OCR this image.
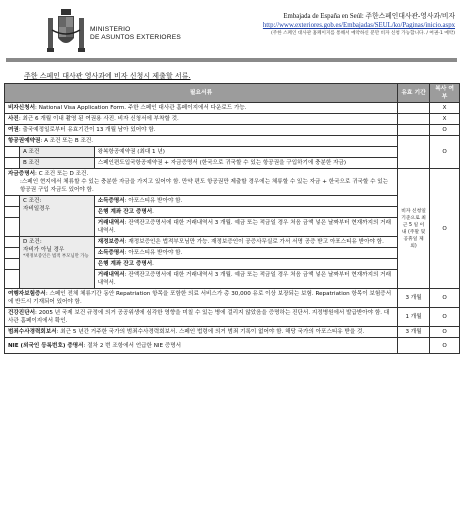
MINISTERIO
DE ASUNTOS EXTERIORES
Embajada de España en Seúl: 주한스페인대사관-영사과/비자
http://www.exteriores.gob.es/Embajadas/SEUL/ko/Paginas/inicio.aspx
(주한 스페인 대사관 홈페이지를 통해서 예약하신 분만 비자 신청 가능합니다. / 여권-1 예약)
주한 스페인 대사관 영사과에 비자 신청시 제출할 서류.
필요서류			유효 기간	복사 여부
비자신청서: National Visa Application Form. 주한 스페인 대사관 홈페이지에서 다운로드 가능.				X
사진: 최근 6 개월 이내 촬영 된 여권용 사진. 비자 신청서에 부착할 것.				X
여권: 출국예정일로부터 유효기간이 13 개월 남아 있어야 함.				O
항공권예약권: A 조건 또는 B 조건.				O
	A 조건	왕복항공예약권 (최대 1 년)		
	B 조건	스페인편도입국항공예약권 + 자금증명서 (한국으로 귀국할 수 있는 항공권을 구입하기에 충분한 자금)		

자금증명서: C 조건 또는 D 조건.
:스페인 현지에서 체류할 수 있는 충분한 자금을 가지고 있어야 함. 만약 편도 항공권만 제출할 경우에는 체류할 수 있는 자금 + 한국으로 귀국할 수 있는 항공권 구입 자금도 있어야 함.			비자 신청일 기준으로 최근 5 일 이내 (주말 및 공휴일 제외)	O

	C 조건:
자비일경우	소득증명서: 아포스티유 받아야 함.		
		은행 계좌 잔고 증명서.		
		거래내역서: 잔액잔고증명서에 대한 거래내역서 3 개월. 예금 또는 적금일 경우 처음 금액 넣은 날짜부터 현재까지의 거래내역서.		

	D 조건:
자비가 아닐 경우
*재정보증인은 법적 부모님만 가능	재정보증서: 재정보증인은 법적부모님만 가능. 재정보증인이 공증사무실로 가서 서명 공증 받고 아포스티유 받아야 함.		
		소득증명서: 아포스티유 받아야 함.		
		은행 계좌 잔고 증명서.		
		거래내역서: 잔액잔고증명서에 대한 거래내역서 3 개월. 예금 또는 적금일 경우 처음 금액 넣은 날짜부터 현재까지의 거래내역서.		
여행자보험증서: 스페인 전체 체류기간 동안 Repatriation 항목을 포함한 의료 서비스가 총 30,000 유로 이상 보장되는 보험. Repatriation 항목이 보험증서에 반드시 기재되어 있어야 함.			3 개월	O
건강진단서: 2005 년 국제 보건 규정에 의거 공공위생에 심각한 영향을 미칠 수 있는 병에 걸리지 않았음을 증명하는 진단서. 지정병원에서 발급받아야 함. 대사관 홈페이지에서 확인.			1 개월	O
범죄수사경력회보서: 최근 5 년간 거주한 국가의 범죄수사경력회보서. 스페인 법령에 의거 범죄 기록이 없어야 함. 해당 국가의 아포스티유 받을 것.			3 개월	O
NIE (외국인 등록번호) 증명서: 절차 2 번 조항에서 언급한 NIE 증명서				O
